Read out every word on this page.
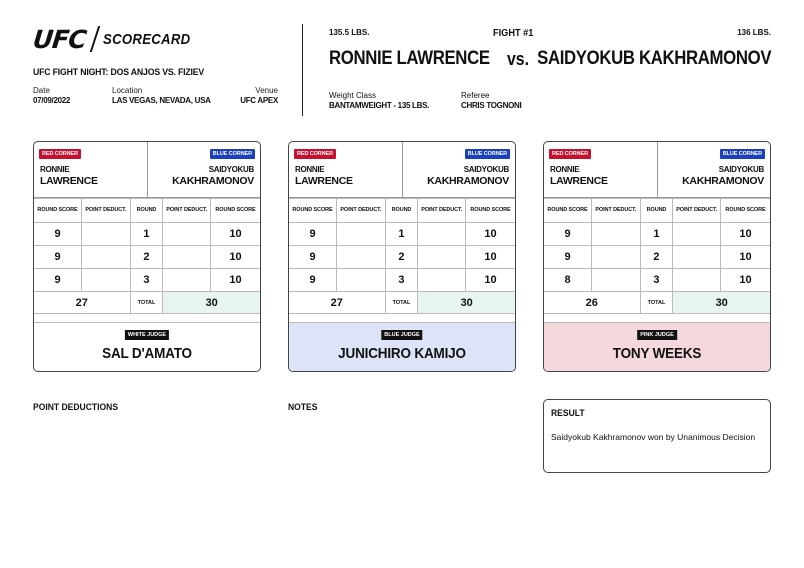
UFC SCORECARD
UFC FIGHT NIGHT: DOS ANJOS VS. FIZIEV
Date
07/09/2022
Location
LAS VEGAS, NEVADA, USA
Venue
UFC APEX
135.5 LBS.	FIGHT #1	136 LBS.
RONNIE LAWRENCE vs. SAIDYOKUB KAKHRAMONOV
Weight Class
BANTAMWEIGHT - 135 LBS.
Referee
CHRIS TOGNONI
RED CORNER
RONNIE
LAWRENCE
BLUE CORNER
SAIDYOKUB
KAKHRAMONOV
ROUND SCORE	POINT DEDUCT.	ROUND	POINT DEDUCT.	ROUND SCORE
9		1		10
9		2		10
9		3		10
27		TOTAL	30	
WHITE JUDGE
SAL D'AMATO
RED CORNER
RONNIE
LAWRENCE
BLUE CORNER
SAIDYOKUB
KAKHRAMONOV
ROUND SCORE	POINT DEDUCT.	ROUND	POINT DEDUCT.	ROUND SCORE
9		1		10
9		2		10
9		3		10
27		TOTAL	30	
BLUE JUDGE
JUNICHIRO KAMIJO
RED CORNER
RONNIE
LAWRENCE
BLUE CORNER
SAIDYOKUB
KAKHRAMONOV
ROUND SCORE	POINT DEDUCT.	ROUND	POINT DEDUCT.	ROUND SCORE
9		1		10
9		2		10
8		3		10
26		TOTAL	30	
PINK JUDGE
TONY WEEKS
POINT DEDUCTIONS	NOTES
RESULT
Saidyokub Kakhramonov won by Unanimous Decision
